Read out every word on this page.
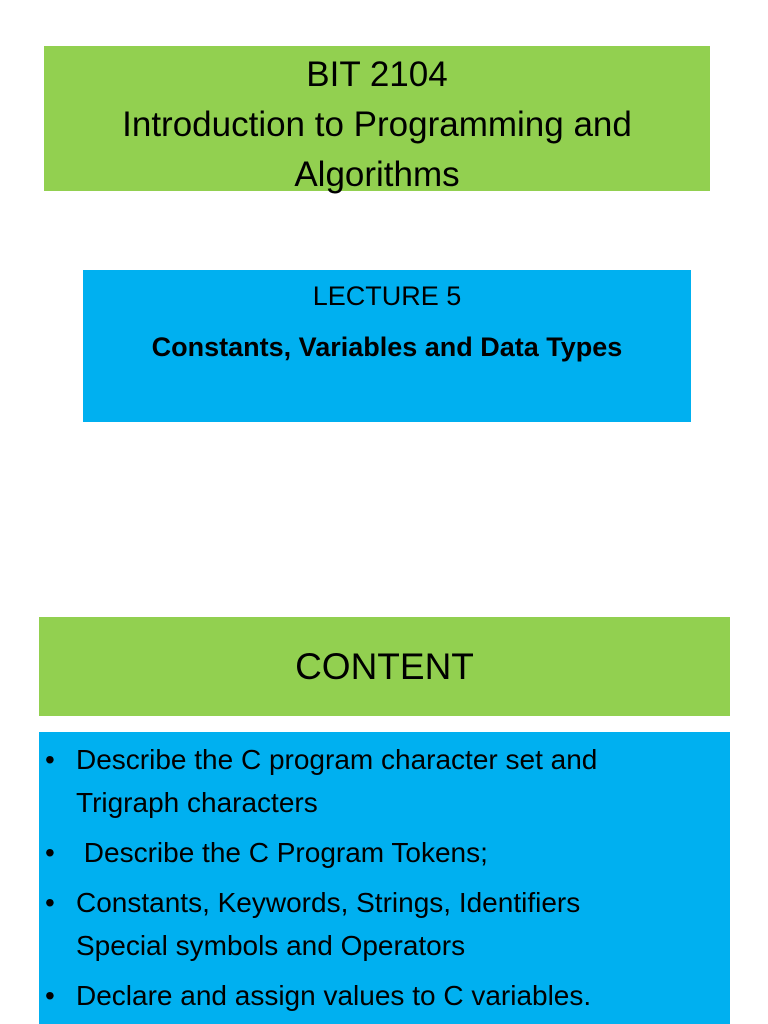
BIT 2104
Introduction to Programming and
Algorithms
LECTURE 5
Constants, Variables and Data Types
CONTENT
• Describe the C program character set and
Trigraph characters
• Describe the C Program Tokens;
• Constants, Keywords, Strings, Identifiers
Special symbols and Operators
• Declare and assign values to C variables.
